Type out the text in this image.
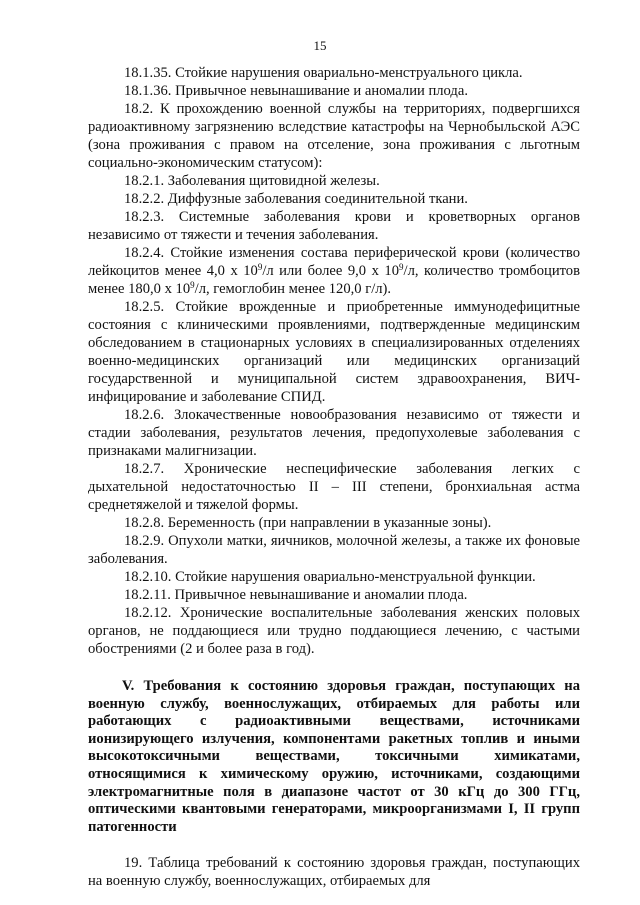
15

18.1.35. Стойкие нарушения овариально-менструального цикла.

18.1.36. Привычное невынашивание и аномалии плода.

18.2. К прохождению военной службы на территориях, подвергшихся радиоактивному загрязнению вследствие катастрофы на Чернобыльской АЭС (зона проживания с правом на отселение, зона проживания с льготным социально-экономическим статусом):

18.2.1. Заболевания щитовидной железы.

18.2.2. Диффузные заболевания соединительной ткани.

18.2.3. Системные заболевания крови и кроветворных органов независимо от тяжести и течения заболевания.

18.2.4. Стойкие изменения состава периферической крови (количество лейкоцитов менее 4,0 x $10^9/л$ или более 9,0 x $10^9/л$, количество тромбоцитов менее 180,0 x $10^9/л$, гемоглобин менее 120,0 г/л).

18.2.5. Стойкие врожденные и приобретенные иммунодефицитные состояния с клиническими проявлениями, подтвержденные медицинским обследованием в стационарных условиях в специализированных отделениях военно-медицинских организаций или медицинских организаций государственной и муниципальной систем здравоохранения, ВИЧ-инфицирование и заболевание СПИД.

18.2.6. Злокачественные новообразования независимо от тяжести и стадии заболевания, результатов лечения, предопухолевые заболевания с признаками малигнизации.

18.2.7. Хронические неспецифические заболевания легких с дыхательной недостаточностью II – III степени, бронхиальная астма среднетяжелой и тяжелой формы.

18.2.8. Беременность (при направлении в указанные зоны).

18.2.9. Опухоли матки, яичников, молочной железы, а также их фоновые заболевания.

18.2.10. Стойкие нарушения овариально-менструальной функции.

18.2.11. Привычное невынашивание и аномалии плода.

18.2.12. Хронические воспалительные заболевания женских половых органов, не поддающиеся или трудно поддающиеся лечению, с частыми обострениями (2 и более раза в год).

V. Требования к состоянию здоровья граждан, поступающих на военную службу, военнослужащих, отбираемых для работы или работающих с радиоактивными веществами, источниками ионизирующего излучения, компонентами ракетных топлив и иными высокотоксичными веществами, токсичными химикатами, относящимися к химическому оружию, источниками, создающими электромагнитные поля в диапазоне частот от 30 кГц до 300 ГГц, оптическими квантовыми генераторами, микроорганизмами I, II групп патогенности

19. Таблица требований к состоянию здоровья граждан, поступающих на военную службу, военнослужащих, отбираемых для
